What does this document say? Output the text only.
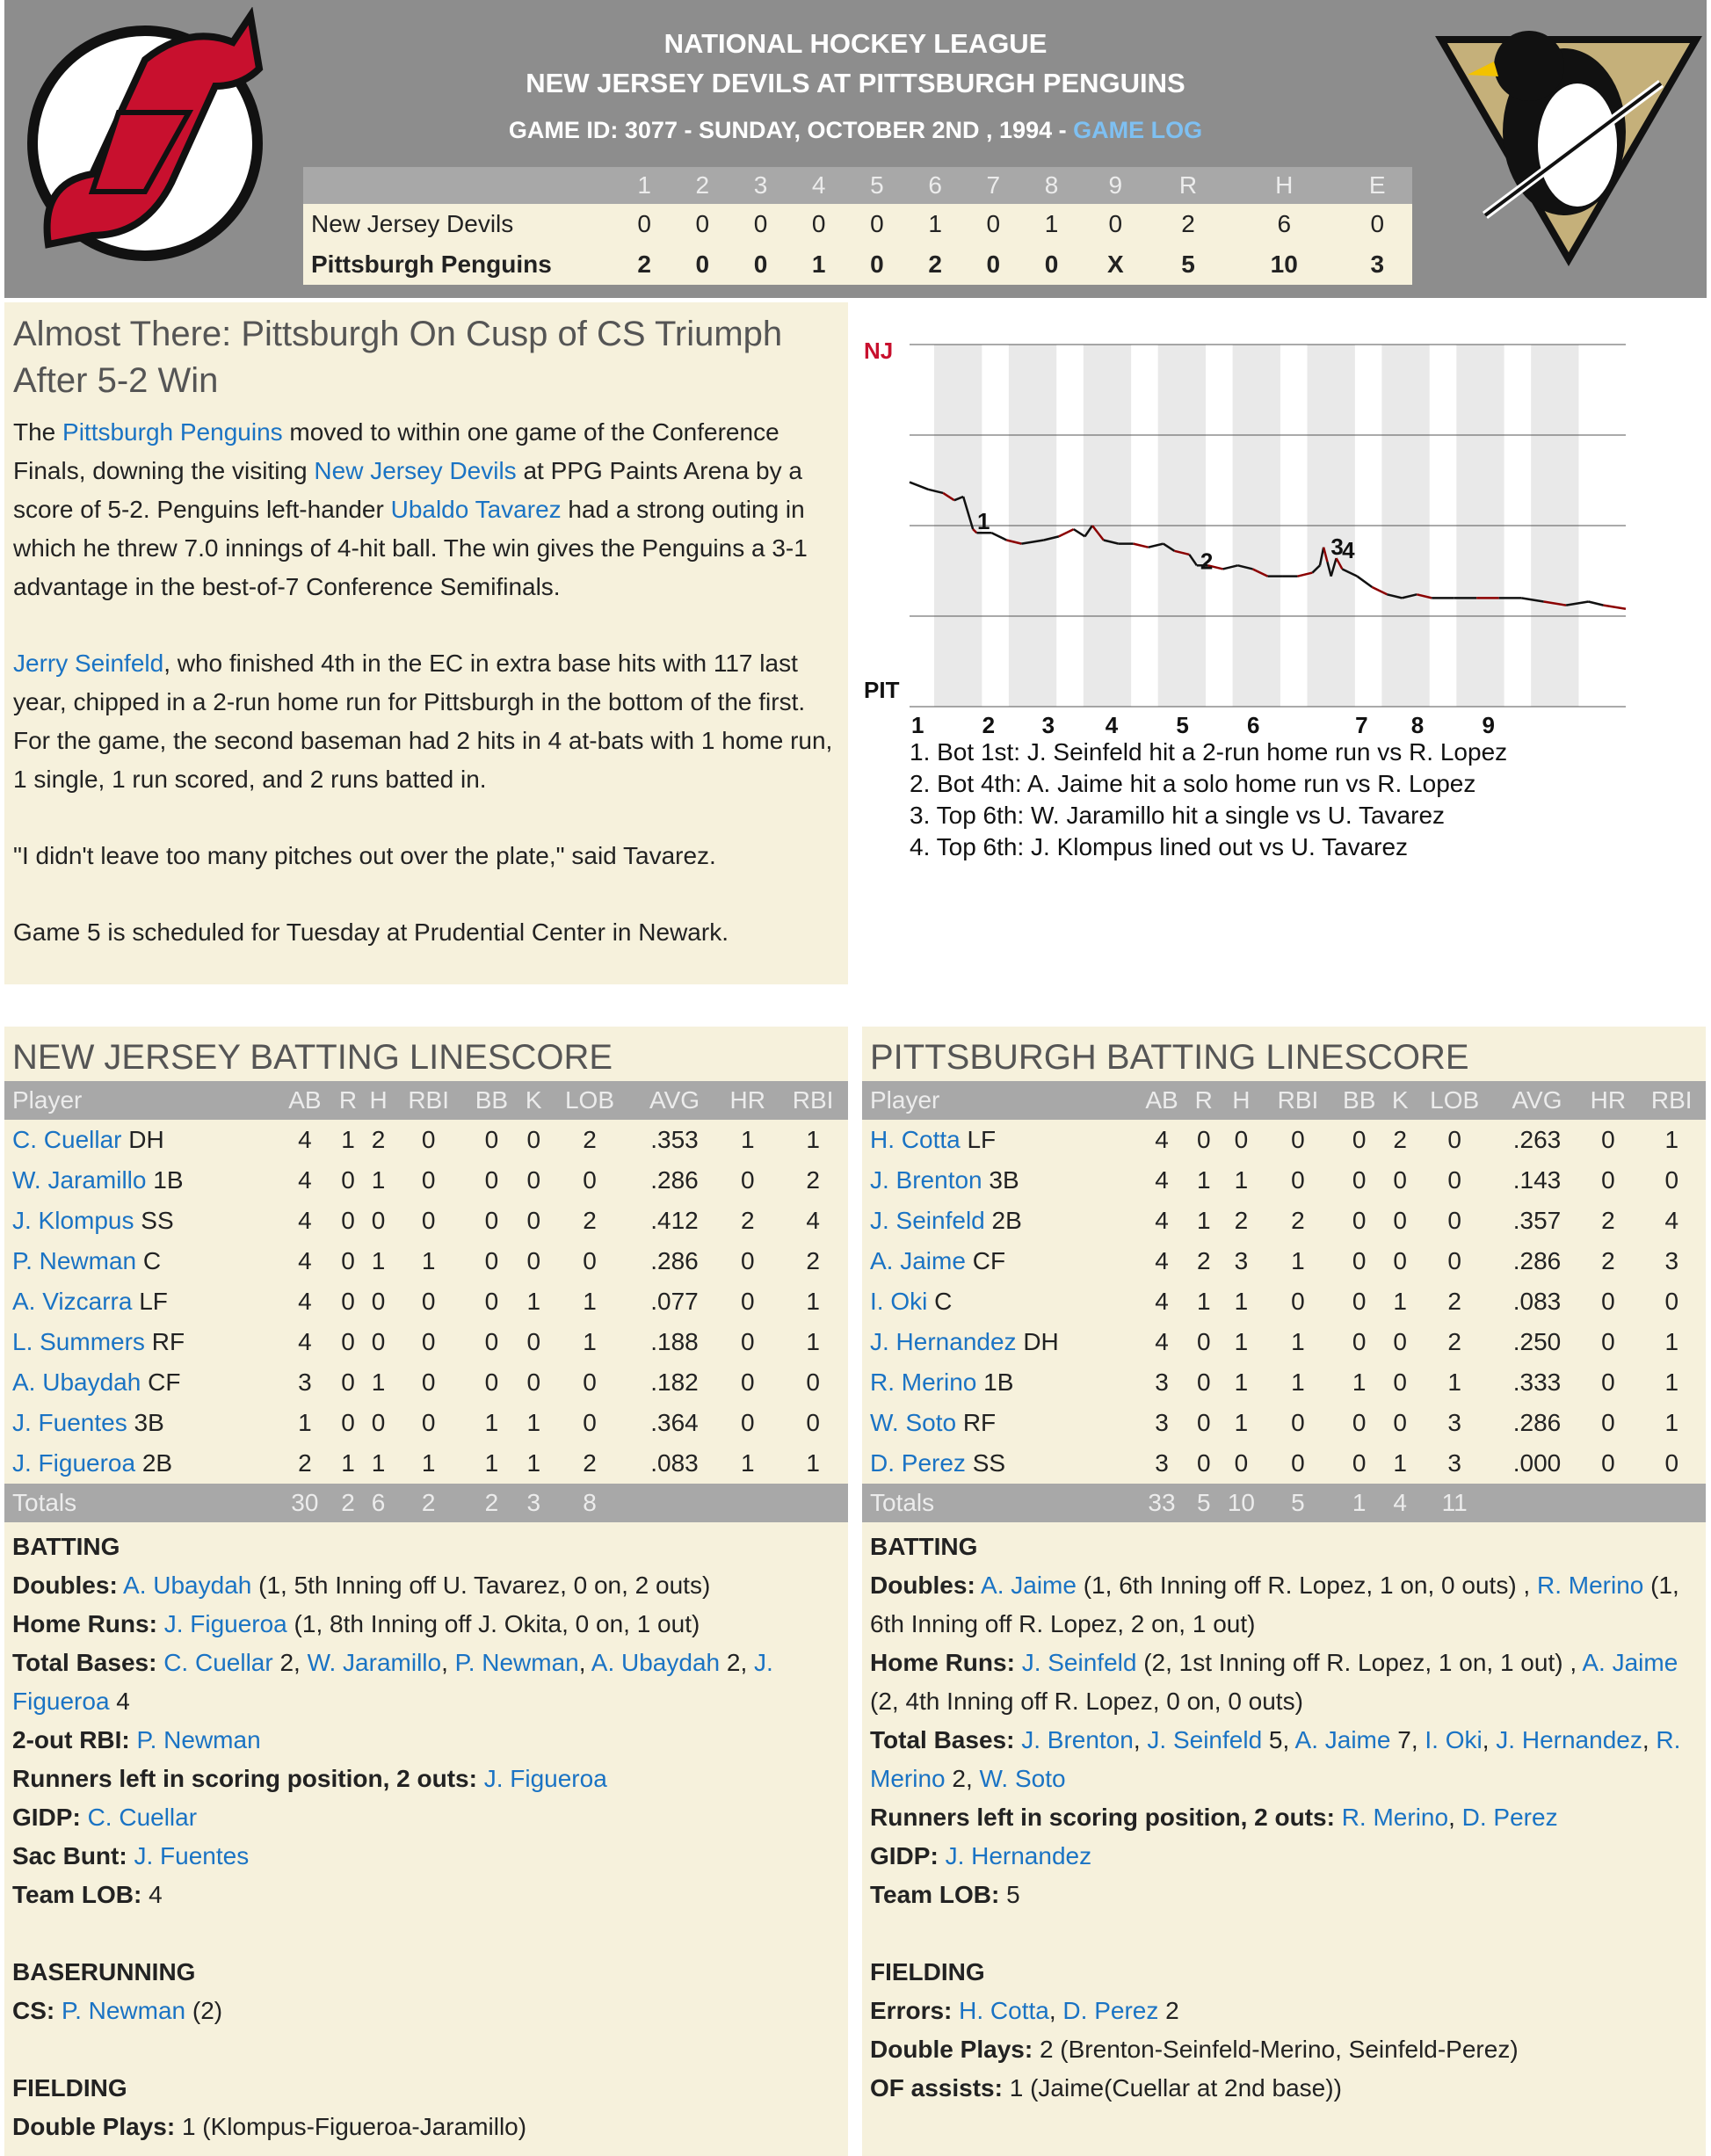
NATIONAL HOCKEY LEAGUE
NEW JERSEY DEVILS AT PITTSBURGH PENGUINS
GAME ID: 3077 - SUNDAY, OCTOBER 2ND , 1994 - GAME LOG
	1	2	3	4	5	6	7	8	9	R	H	E
New Jersey Devils	0	0	0	0	0	1	0	1	0	2	6	0
Pittsburgh Penguins	2	0	0	1	0	2	0	0	X	5	10	3
Almost There: Pittsburgh On Cusp of CS Triumph After 5-2 Win

The Pittsburgh Penguins moved to within one game of the Conference Finals, downing the visiting New Jersey Devils at PPG Paints Arena by a score of 5-2. Penguins left-hander Ubaldo Tavarez had a strong outing in which he threw 7.0 innings of 4-hit ball. The win gives the Penguins a 3-1 advantage in the best-of-7 Conference Semifinals.

Jerry Seinfeld, who finished 4th in the EC in extra base hits with 117 last year, chipped in a 2-run home run for Pittsburgh in the bottom of the first. For the game, the second baseman had 2 hits in 4 at-bats with 1 home run, 1 single, 1 run scored, and 2 runs batted in.

"I didn't leave too many pitches out over the plate," said Tavarez.

Game 5 is scheduled for Tuesday at Prudential Center in Newark.

1
2
3
4
NJ
PIT
1	2 3 4	5	6	7 8	9
1. Bot 1st: J. Seinfeld hit a 2-run home run vs R. Lopez
2. Bot 4th: A. Jaime hit a solo home run vs R. Lopez
3. Top 6th: W. Jaramillo hit a single vs U. Tavarez
4. Top 6th: J. Klompus lined out vs U. Tavarez
NEW JERSEY BATTING LINESCORE
Player	AB	R	H	RBI	BB	K	LOB	AVG	HR	RBI
C. Cuellar DH	4	1	2	0	0	0	2	.353	1	1
W. Jaramillo 1B	4	0	1	0	0	0	0	.286	0	2
J. Klompus SS	4	0	0	0	0	0	2	.412	2	4
P. Newman C	4	0	1	1	0	0	0	.286	0	2
A. Vizcarra LF	4	0	0	0	0	1	1	.077	0	1
L. Summers RF	4	0	0	0	0	0	1	.188	0	1
A. Ubaydah CF	3	0	1	0	0	0	0	.182	0	0
J. Fuentes 3B	1	0	0	0	1	1	0	.364	0	0
J. Figueroa 2B	2	1	1	1	1	1	2	.083	1	1
Totals	30	2	6	2	2	3	8			
BATTING
Doubles: A. Ubaydah (1, 5th Inning off U. Tavarez, 0 on, 2 outs)
Home Runs: J. Figueroa (1, 8th Inning off J. Okita, 0 on, 1 out)
Total Bases: C. Cuellar 2, W. Jaramillo, P. Newman, A. Ubaydah 2, J. Figueroa 4
2-out RBI: P. Newman
Runners left in scoring position, 2 outs: J. Figueroa
GIDP: C. Cuellar
Sac Bunt: J. Fuentes
Team LOB: 4
BASERUNNING
CS: P. Newman (2)
FIELDING
Double Plays: 1 (Klompus-Figueroa-Jaramillo)
PITTSBURGH BATTING LINESCORE
Player	AB	R	H	RBI	BB	K	LOB	AVG	HR	RBI
H. Cotta LF	4	0	0	0	0	2	0	.263	0	1
J. Brenton 3B	4	1	1	0	0	0	0	.143	0	0
J. Seinfeld 2B	4	1	2	2	0	0	0	.357	2	4
A. Jaime CF	4	2	3	1	0	0	0	.286	2	3
I. Oki C	4	1	1	0	0	1	2	.083	0	0
J. Hernandez DH	4	0	1	1	0	0	2	.250	0	1
R. Merino 1B	3	0	1	1	1	0	1	.333	0	1
W. Soto RF	3	0	1	0	0	0	3	.286	0	1
D. Perez SS	3	0	0	0	0	1	3	.000	0	0
Totals	33	5	10	5	1	4	11			
BATTING
Doubles: A. Jaime (1, 6th Inning off R. Lopez, 1 on, 0 outs) , R. Merino (1, 6th Inning off R. Lopez, 2 on, 1 out)
Home Runs: J. Seinfeld (2, 1st Inning off R. Lopez, 1 on, 1 out) , A. Jaime (2, 4th Inning off R. Lopez, 0 on, 0 outs)
Total Bases: J. Brenton, J. Seinfeld 5, A. Jaime 7, I. Oki, J. Hernandez, R. Merino 2, W. Soto
Runners left in scoring position, 2 outs: R. Merino, D. Perez
GIDP: J. Hernandez
Team LOB: 5
FIELDING
Errors: H. Cotta, D. Perez 2
Double Plays: 2 (Brenton-Seinfeld-Merino, Seinfeld-Perez)
OF assists: 1 (Jaime(Cuellar at 2nd base))
